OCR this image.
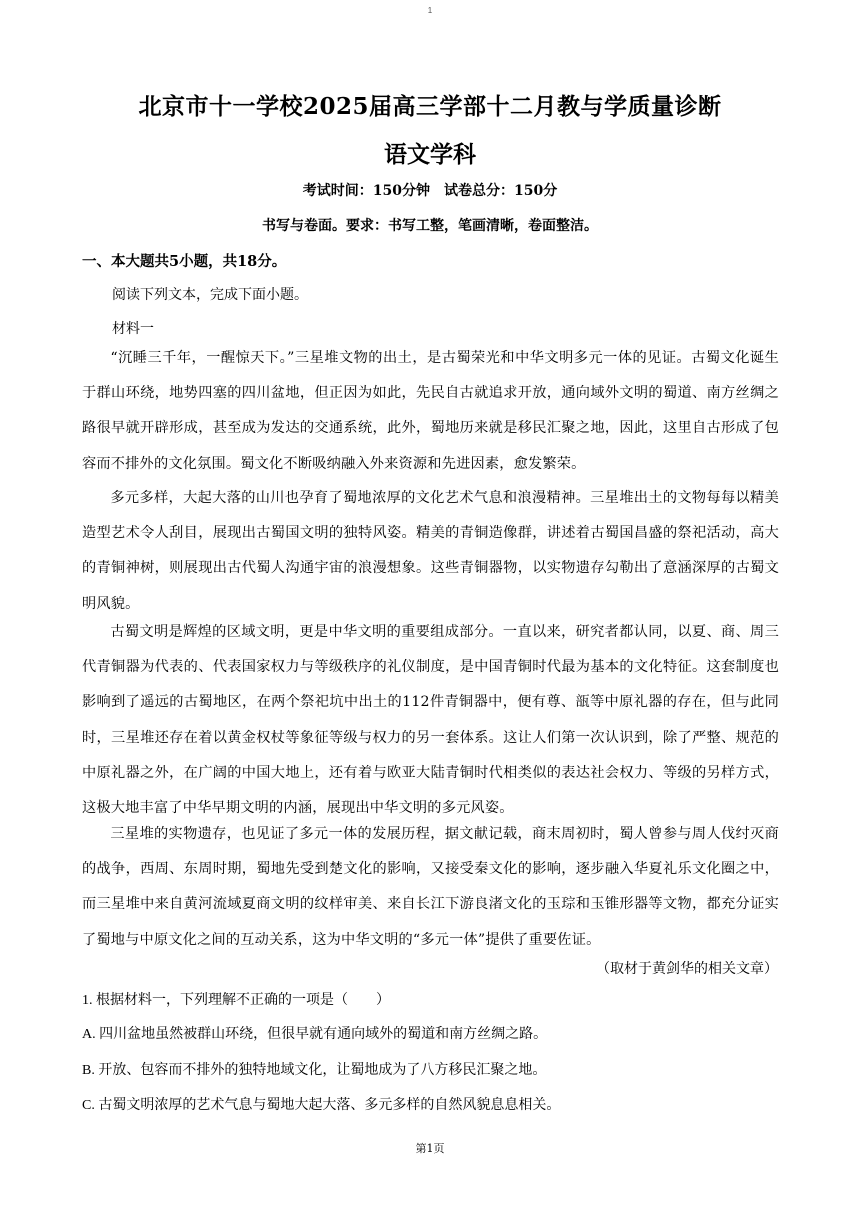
1
北京市十一学校2025届高三学部十二月教与学质量诊断
语文学科
考试时间：150分钟　试卷总分：150分
书写与卷面。要求：书写工整，笔画清晰，卷面整洁。
一、本大题共5小题，共18分。
阅读下列文本，完成下面小题。
材料一

“沉睡三千年，一醒惊天下。”三星堆文物的出土，是古蜀荣光和中华文明多元一体的见证。古蜀文化诞生于群山环绕，地势四塞的四川盆地，但正因为如此，先民自古就追求开放，通向域外文明的蜀道、南方丝绸之路很早就开辟形成，甚至成为发达的交通系统，此外，蜀地历来就是移民汇聚之地，因此，这里自古形成了包容而不排外的文化氛围。蜀文化不断吸纳融入外来资源和先进因素，愈发繁荣。

多元多样，大起大落的山川也孕育了蜀地浓厚的文化艺术气息和浪漫精神。三星堆出土的文物每每以精美造型艺术令人刮目，展现出古蜀国文明的独特风姿。精美的青铜造像群，讲述着古蜀国昌盛的祭祀活动，高大的青铜神树，则展现出古代蜀人沟通宇宙的浪漫想象。这些青铜器物，以实物遗存勾勒出了意涵深厚的古蜀文明风貌。

古蜀文明是辉煌的区域文明，更是中华文明的重要组成部分。一直以来，研究者都认同，以夏、商、周三代青铜器为代表的、代表国家权力与等级秩序的礼仪制度，是中国青铜时代最为基本的文化特征。这套制度也影响到了遥远的古蜀地区，在两个祭祀坑中出土的112件青铜器中，便有尊、瓿等中原礼器的存在，但与此同时，三星堆还存在着以黄金权杖等象征等级与权力的另一套体系。这让人们第一次认识到，除了严整、规范的中原礼器之外，在广阔的中国大地上，还有着与欧亚大陆青铜时代相类似的表达社会权力、等级的另样方式，这极大地丰富了中华早期文明的内涵，展现出中华文明的多元风姿。

三星堆的实物遗存，也见证了多元一体的发展历程，据文献记载，商末周初时，蜀人曾参与周人伐纣灭商的战争，西周、东周时期，蜀地先受到楚文化的影响，又接受秦文化的影响，逐步融入华夏礼乐文化圈之中，而三星堆中来自黄河流域夏商文明的纹样审美、来自长江下游良渚文化的玉琮和玉锥形器等文物，都充分证实了蜀地与中原文化之间的互动关系，这为中华文明的“多元一体”提供了重要佐证。

（取材于黄剑华的相关文章）
1. 根据材料一，下列理解不正确的一项是（　　）
A. 四川盆地虽然被群山环绕，但很早就有通向域外的蜀道和南方丝绸之路。
B. 开放、包容而不排外的独特地域文化，让蜀地成为了八方移民汇聚之地。
C. 古蜀文明浓厚的艺术气息与蜀地大起大落、多元多样的自然风貌息息相关。
第1页
